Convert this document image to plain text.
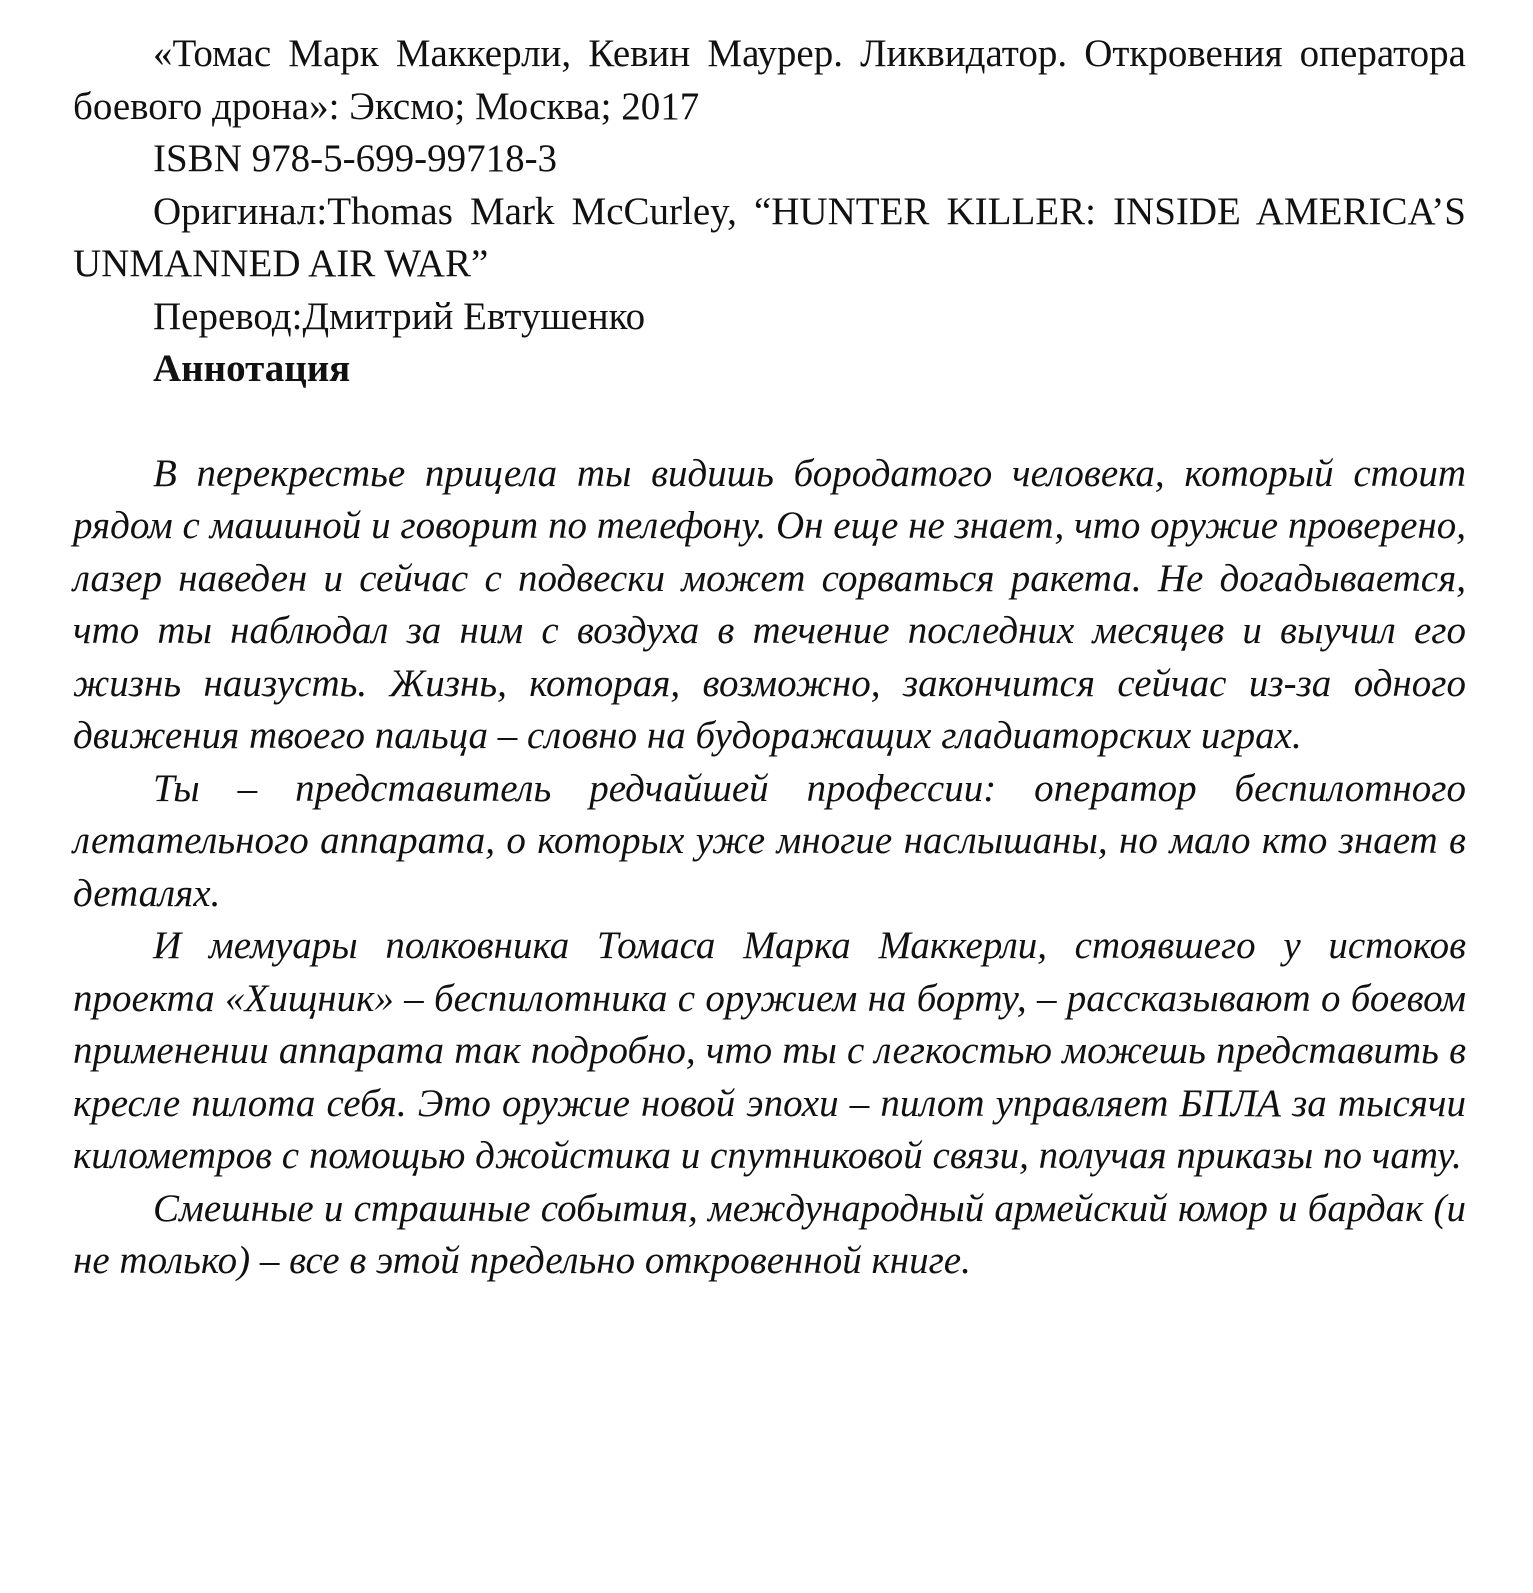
«Томас Марк Маккерли, Кевин Маурер. Ликвидатор. Откровения оператора боевого дрона»: Эксмо; Москва; 2017

ISBN 978-5-699-99718-3

Оригинал:Thomas Mark McCurley, “HUNTER KILLER: INSIDE AMERICA’S UNMANNED AIR WAR”

Перевод:Дмитрий Евтушенко

Аннотация

В перекрестье прицела ты видишь бородатого человека, который стоит рядом с машиной и говорит по телефону. Он еще не знает, что оружие проверено, лазер наведен и сейчас с подвески может сорваться ракета. Не догадывается, что ты наблюдал за ним с воздуха в течение последних месяцев и выучил его жизнь наизусть. Жизнь, которая, возможно, закончится сейчас из-за одного движения твоего пальца – словно на будоражащих гладиаторских играх.

Ты – представитель редчайшей профессии: оператор беспилотного летательного аппарата, о которых уже многие наслышаны, но мало кто знает в деталях.

И мемуары полковника Томаса Марка Маккерли, стоявшего у истоков проекта «Хищник» – беспилотника с оружием на борту, – рассказывают о боевом применении аппарата так подробно, что ты с легкостью можешь представить в кресле пилота себя. Это оружие новой эпохи – пилот управляет БПЛА за тысячи километров с помощью джойстика и спутниковой связи, получая приказы по чату.

Смешные и страшные события, международный армейский юмор и бардак (и не только) – все в этой предельно откровенной книге.
